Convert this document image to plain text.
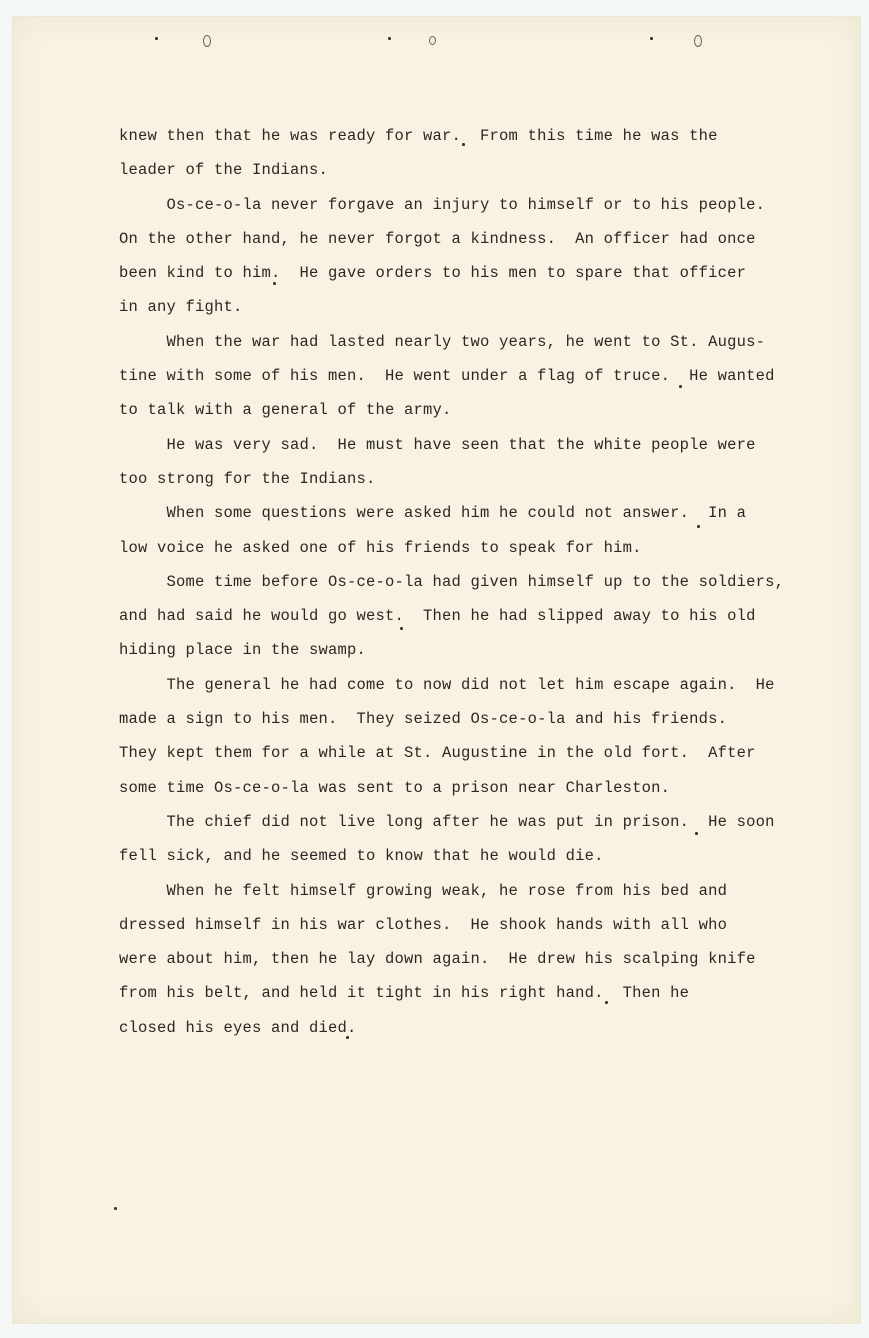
knew then that he was ready for war.  From this time he was the

leader of the Indians.

Os-ce-o-la never forgave an injury to himself or to his people.

On the other hand, he never forgot a kindness.  An officer had once

been kind to him.  He gave orders to his men to spare that officer

in any fight.

When the war had lasted nearly two years, he went to St. Augus-

tine with some of his men.  He went under a flag of truce.  He wanted

to talk with a general of the army.

He was very sad.  He must have seen that the white people were

too strong for the Indians.

When some questions were asked him he could not answer.  In a

low voice he asked one of his friends to speak for him.

Some time before Os-ce-o-la had given himself up to the soldiers,

and had said he would go west.  Then he had slipped away to his old

hiding place in the swamp.

The general he had come to now did not let him escape again.  He

made a sign to his men.  They seized Os-ce-o-la and his friends.

They kept them for a while at St. Augustine in the old fort.  After

some time Os-ce-o-la was sent to a prison near Charleston.

The chief did not live long after he was put in prison.  He soon

fell sick, and he seemed to know that he would die.

When he felt himself growing weak, he rose from his bed and

dressed himself in his war clothes.  He shook hands with all who

were about him, then he lay down again.  He drew his scalping knife

from his belt, and held it tight in his right hand.  Then he

closed his eyes and died.
